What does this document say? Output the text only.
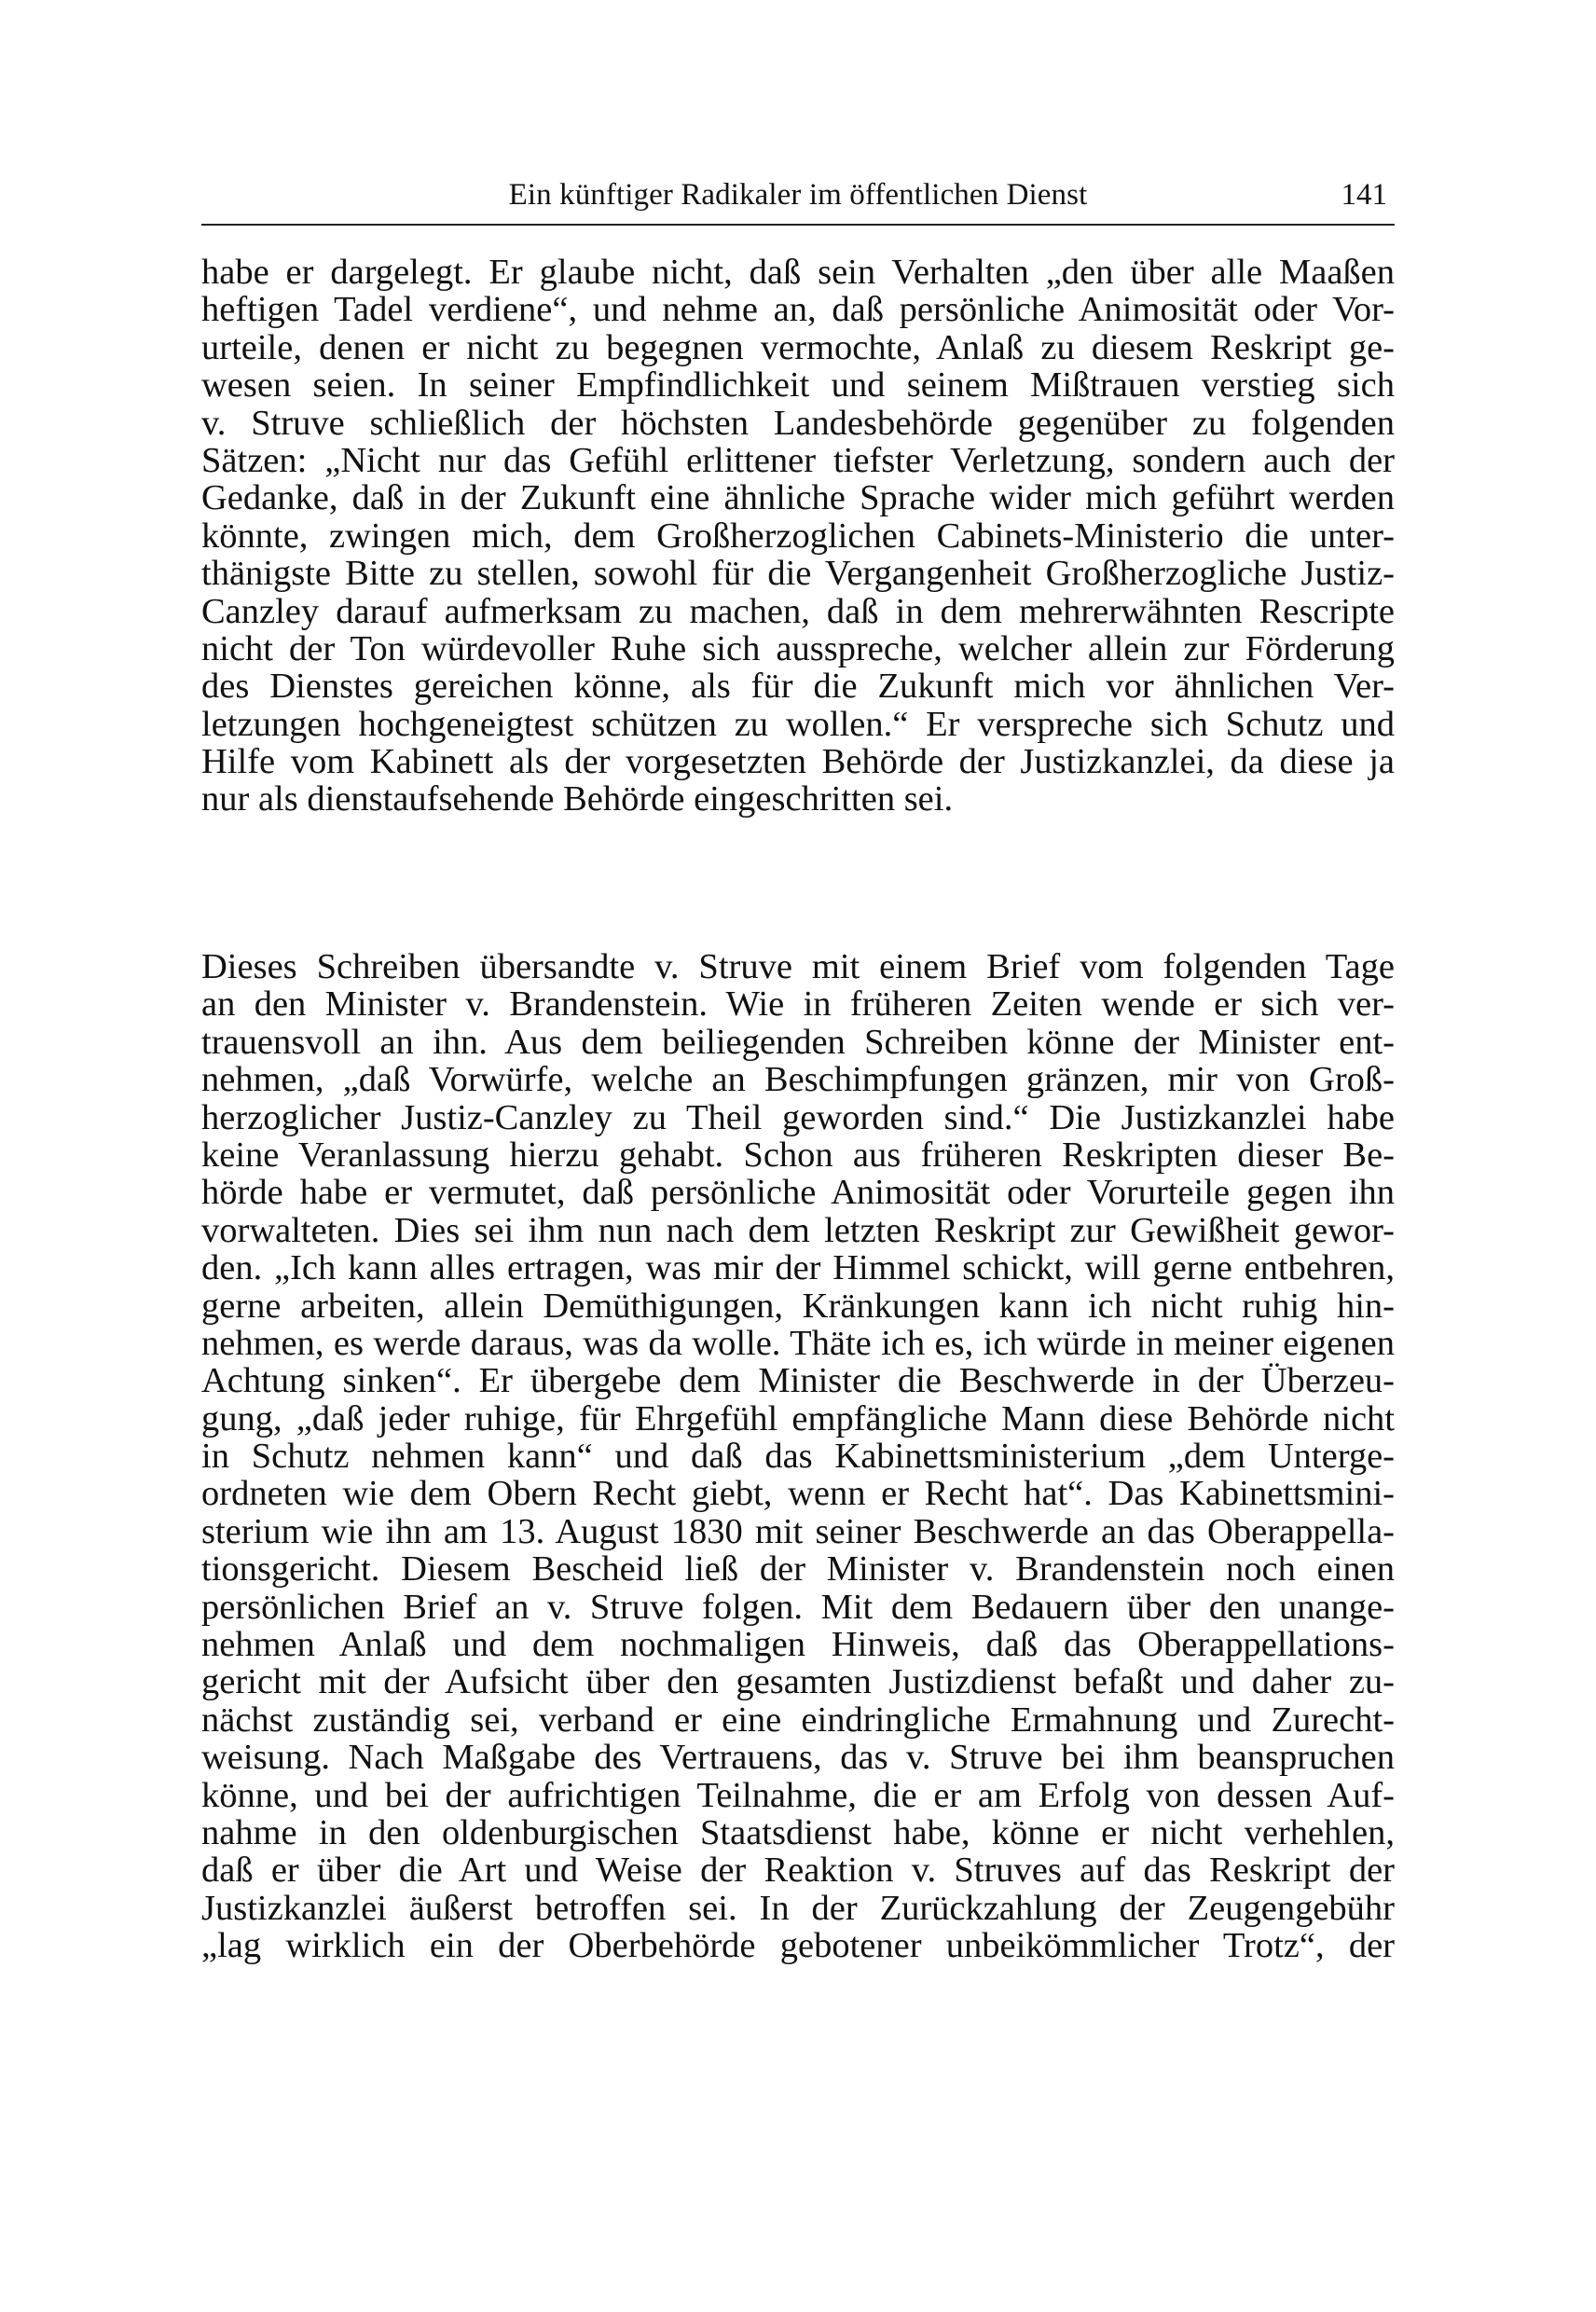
Ein künftiger Radikaler im öffentlichen Dienst	141
habe er dargelegt. Er glaube nicht, daß sein Verhalten „den über alle Maaßen
heftigen Tadel verdiene“, und nehme an, daß persönliche Animosität oder Vor-
urteile, denen er nicht zu begegnen vermochte, Anlaß zu diesem Reskript ge-
wesen seien. In seiner Empfindlichkeit und seinem Mißtrauen verstieg sich
v. Struve schließlich der höchsten Landesbehörde gegenüber zu folgenden
Sätzen: „Nicht nur das Gefühl erlittener tiefster Verletzung, sondern auch der
Gedanke, daß in der Zukunft eine ähnliche Sprache wider mich geführt werden
könnte, zwingen mich, dem Großherzoglichen Cabinets-Ministerio die unter-
thänigste Bitte zu stellen, sowohl für die Vergangenheit Großherzogliche Justiz-
Canzley darauf aufmerksam zu machen, daß in dem mehrerwähnten Rescripte
nicht der Ton würdevoller Ruhe sich ausspreche, welcher allein zur Förderung
des Dienstes gereichen könne, als für die Zukunft mich vor ähnlichen Ver-
letzungen hochgeneigtest schützen zu wollen.“ Er verspreche sich Schutz und
Hilfe vom Kabinett als der vorgesetzten Behörde der Justizkanzlei, da diese ja
nur als dienstaufsehende Behörde eingeschritten sei.
Dieses Schreiben übersandte v. Struve mit einem Brief vom folgenden Tage
an den Minister v. Brandenstein. Wie in früheren Zeiten wende er sich ver-
trauensvoll an ihn. Aus dem beiliegenden Schreiben könne der Minister ent-
nehmen, „daß Vorwürfe, welche an Beschimpfungen gränzen, mir von Groß-
herzoglicher Justiz-Canzley zu Theil geworden sind.“ Die Justizkanzlei habe
keine Veranlassung hierzu gehabt. Schon aus früheren Reskripten dieser Be-
hörde habe er vermutet, daß persönliche Animosität oder Vorurteile gegen ihn
vorwalteten. Dies sei ihm nun nach dem letzten Reskript zur Gewißheit gewor-
den. „Ich kann alles ertragen, was mir der Himmel schickt, will gerne entbehren,
gerne arbeiten, allein Demüthigungen, Kränkungen kann ich nicht ruhig hin-
nehmen, es werde daraus, was da wolle. Thäte ich es, ich würde in meiner eigenen
Achtung sinken“. Er übergebe dem Minister die Beschwerde in der Überzeu-
gung, „daß jeder ruhige, für Ehrgefühl empfängliche Mann diese Behörde nicht
in Schutz nehmen kann“ und daß das Kabinettsministerium „dem Unterge-
ordneten wie dem Obern Recht giebt, wenn er Recht hat“. Das Kabinettsmini-
sterium wie ihn am 13. August 1830 mit seiner Beschwerde an das Oberappella-
tionsgericht. Diesem Bescheid ließ der Minister v. Brandenstein noch einen
persönlichen Brief an v. Struve folgen. Mit dem Bedauern über den unange-
nehmen Anlaß und dem nochmaligen Hinweis, daß das Oberappellations-
gericht mit der Aufsicht über den gesamten Justizdienst befaßt und daher zu-
nächst zuständig sei, verband er eine eindringliche Ermahnung und Zurecht-
weisung. Nach Maßgabe des Vertrauens, das v. Struve bei ihm beanspruchen
könne, und bei der aufrichtigen Teilnahme, die er am Erfolg von dessen Auf-
nahme in den oldenburgischen Staatsdienst habe, könne er nicht verhehlen,
daß er über die Art und Weise der Reaktion v. Struves auf das Reskript der
Justizkanzlei äußerst betroffen sei. In der Zurückzahlung der Zeugengebühr
„lag wirklich ein der Oberbehörde gebotener unbeikömmlicher Trotz“, der
